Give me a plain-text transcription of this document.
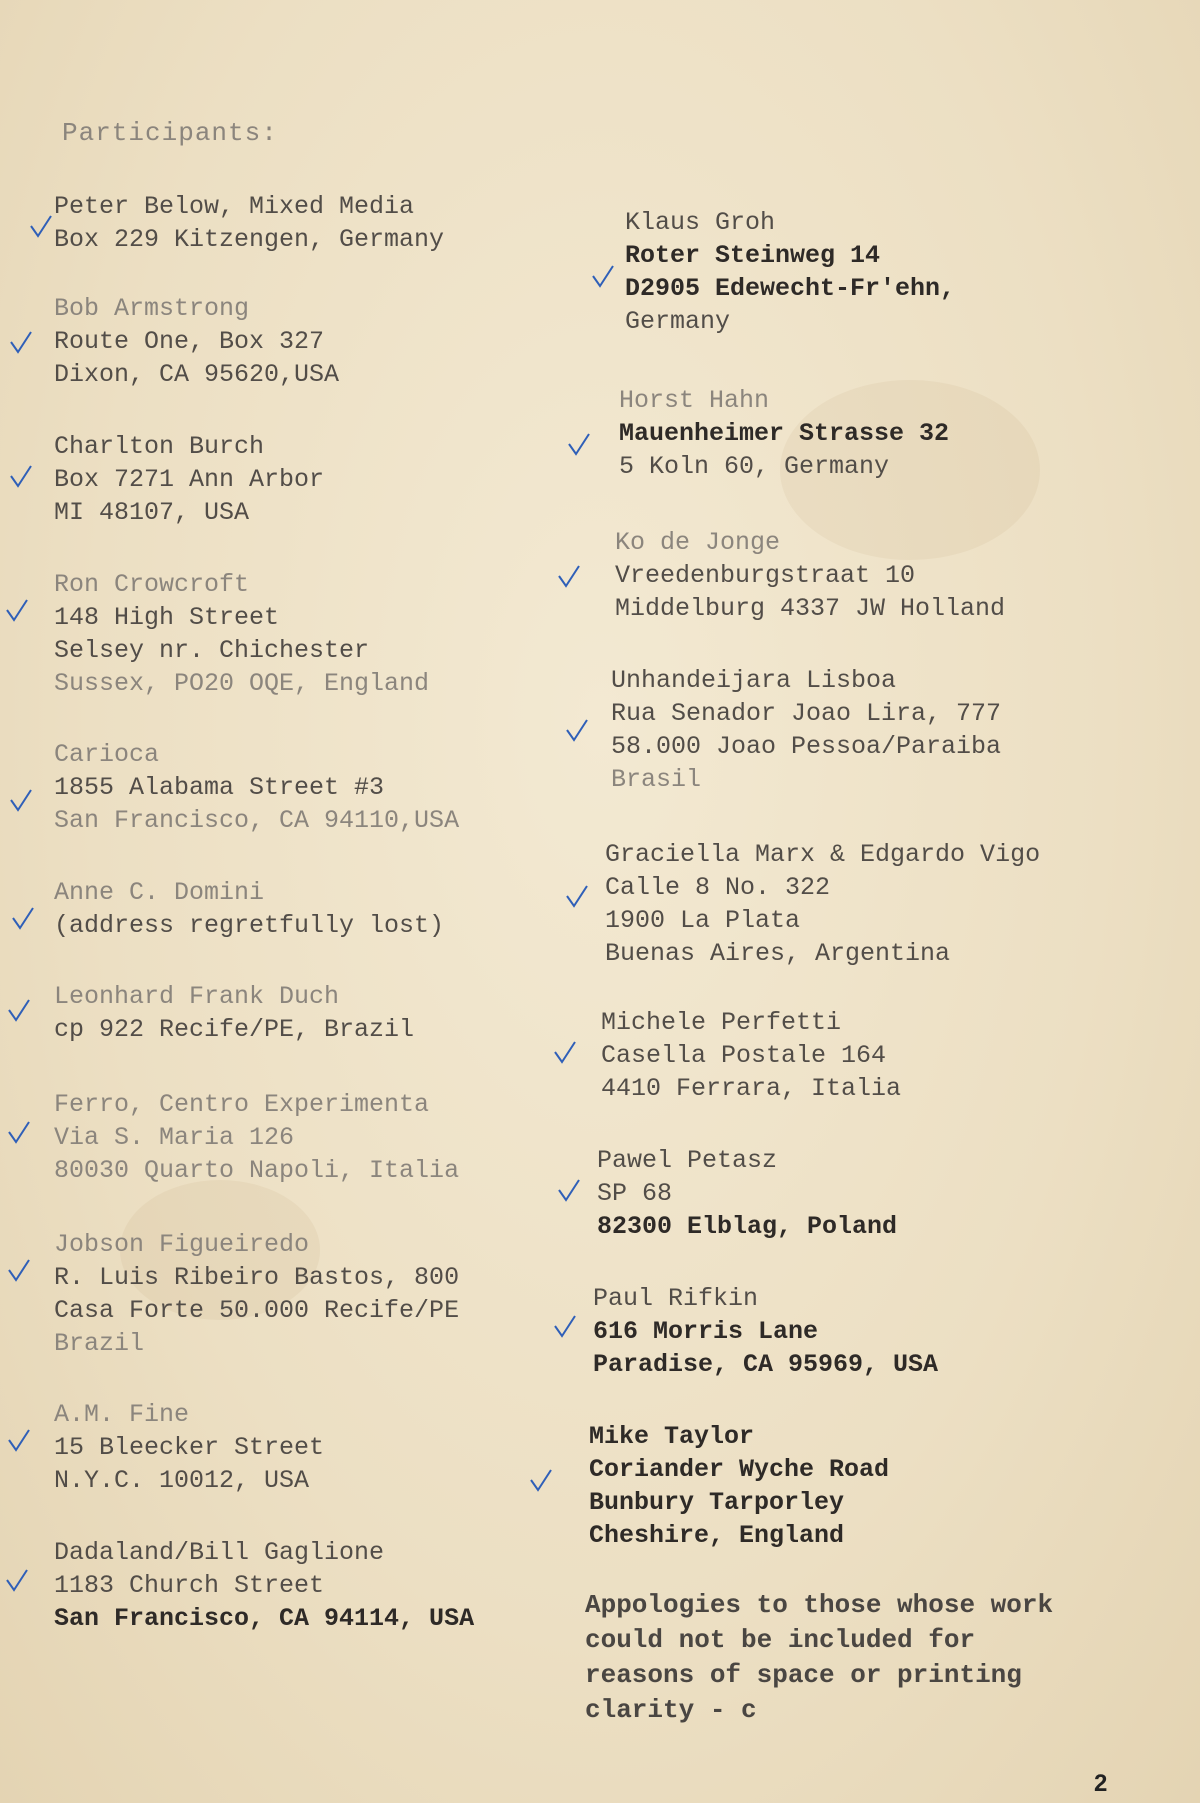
Participants:
Peter Below, Mixed Media
Box 229 Kitzengen, Germany
Bob Armstrong
Route One, Box 327
Dixon, CA 95620,USA
Charlton Burch
Box 7271 Ann Arbor
MI 48107, USA
Ron Crowcroft
148 High Street
Selsey nr. Chichester
Sussex, PO20 OQE, England
Carioca
1855 Alabama Street #3
San Francisco, CA 94110,USA
Anne C. Domini
(address regretfully lost)
Leonhard Frank Duch
cp 922 Recife/PE, Brazil
Ferro, Centro Experimenta
Via S. Maria 126
80030 Quarto Napoli, Italia
Jobson Figueiredo
R. Luis Ribeiro Bastos, 800
Casa Forte 50.000 Recife/PE
Brazil
A.M. Fine
15 Bleecker Street
N.Y.C. 10012, USA
Dadaland/Bill Gaglione
1183 Church Street
San Francisco, CA 94114, USA
Klaus Groh
Roter Steinweg 14
D2905 Edewecht-Fr'ehn,
Germany
Horst Hahn
Mauenheimer Strasse 32
5 Koln 60, Germany
Ko de Jonge
Vreedenburgstraat 10
Middelburg 4337 JW Holland
Unhandeijara Lisboa
Rua Senador Joao Lira, 777
58.000 Joao Pessoa/Paraiba
Brasil
Graciella Marx & Edgardo Vigo
Calle 8 No. 322
1900 La Plata
Buenas Aires, Argentina
Michele Perfetti
Casella Postale 164
4410 Ferrara, Italia
Pawel Petasz
SP 68
82300 Elblag, Poland
Paul Rifkin
616 Morris Lane
Paradise, CA 95969, USA
Mike Taylor
Coriander Wyche Road
Bunbury Tarporley
Cheshire, England
Appologies to those whose work
could not be included for
reasons of space or printing
clarity - c
2
